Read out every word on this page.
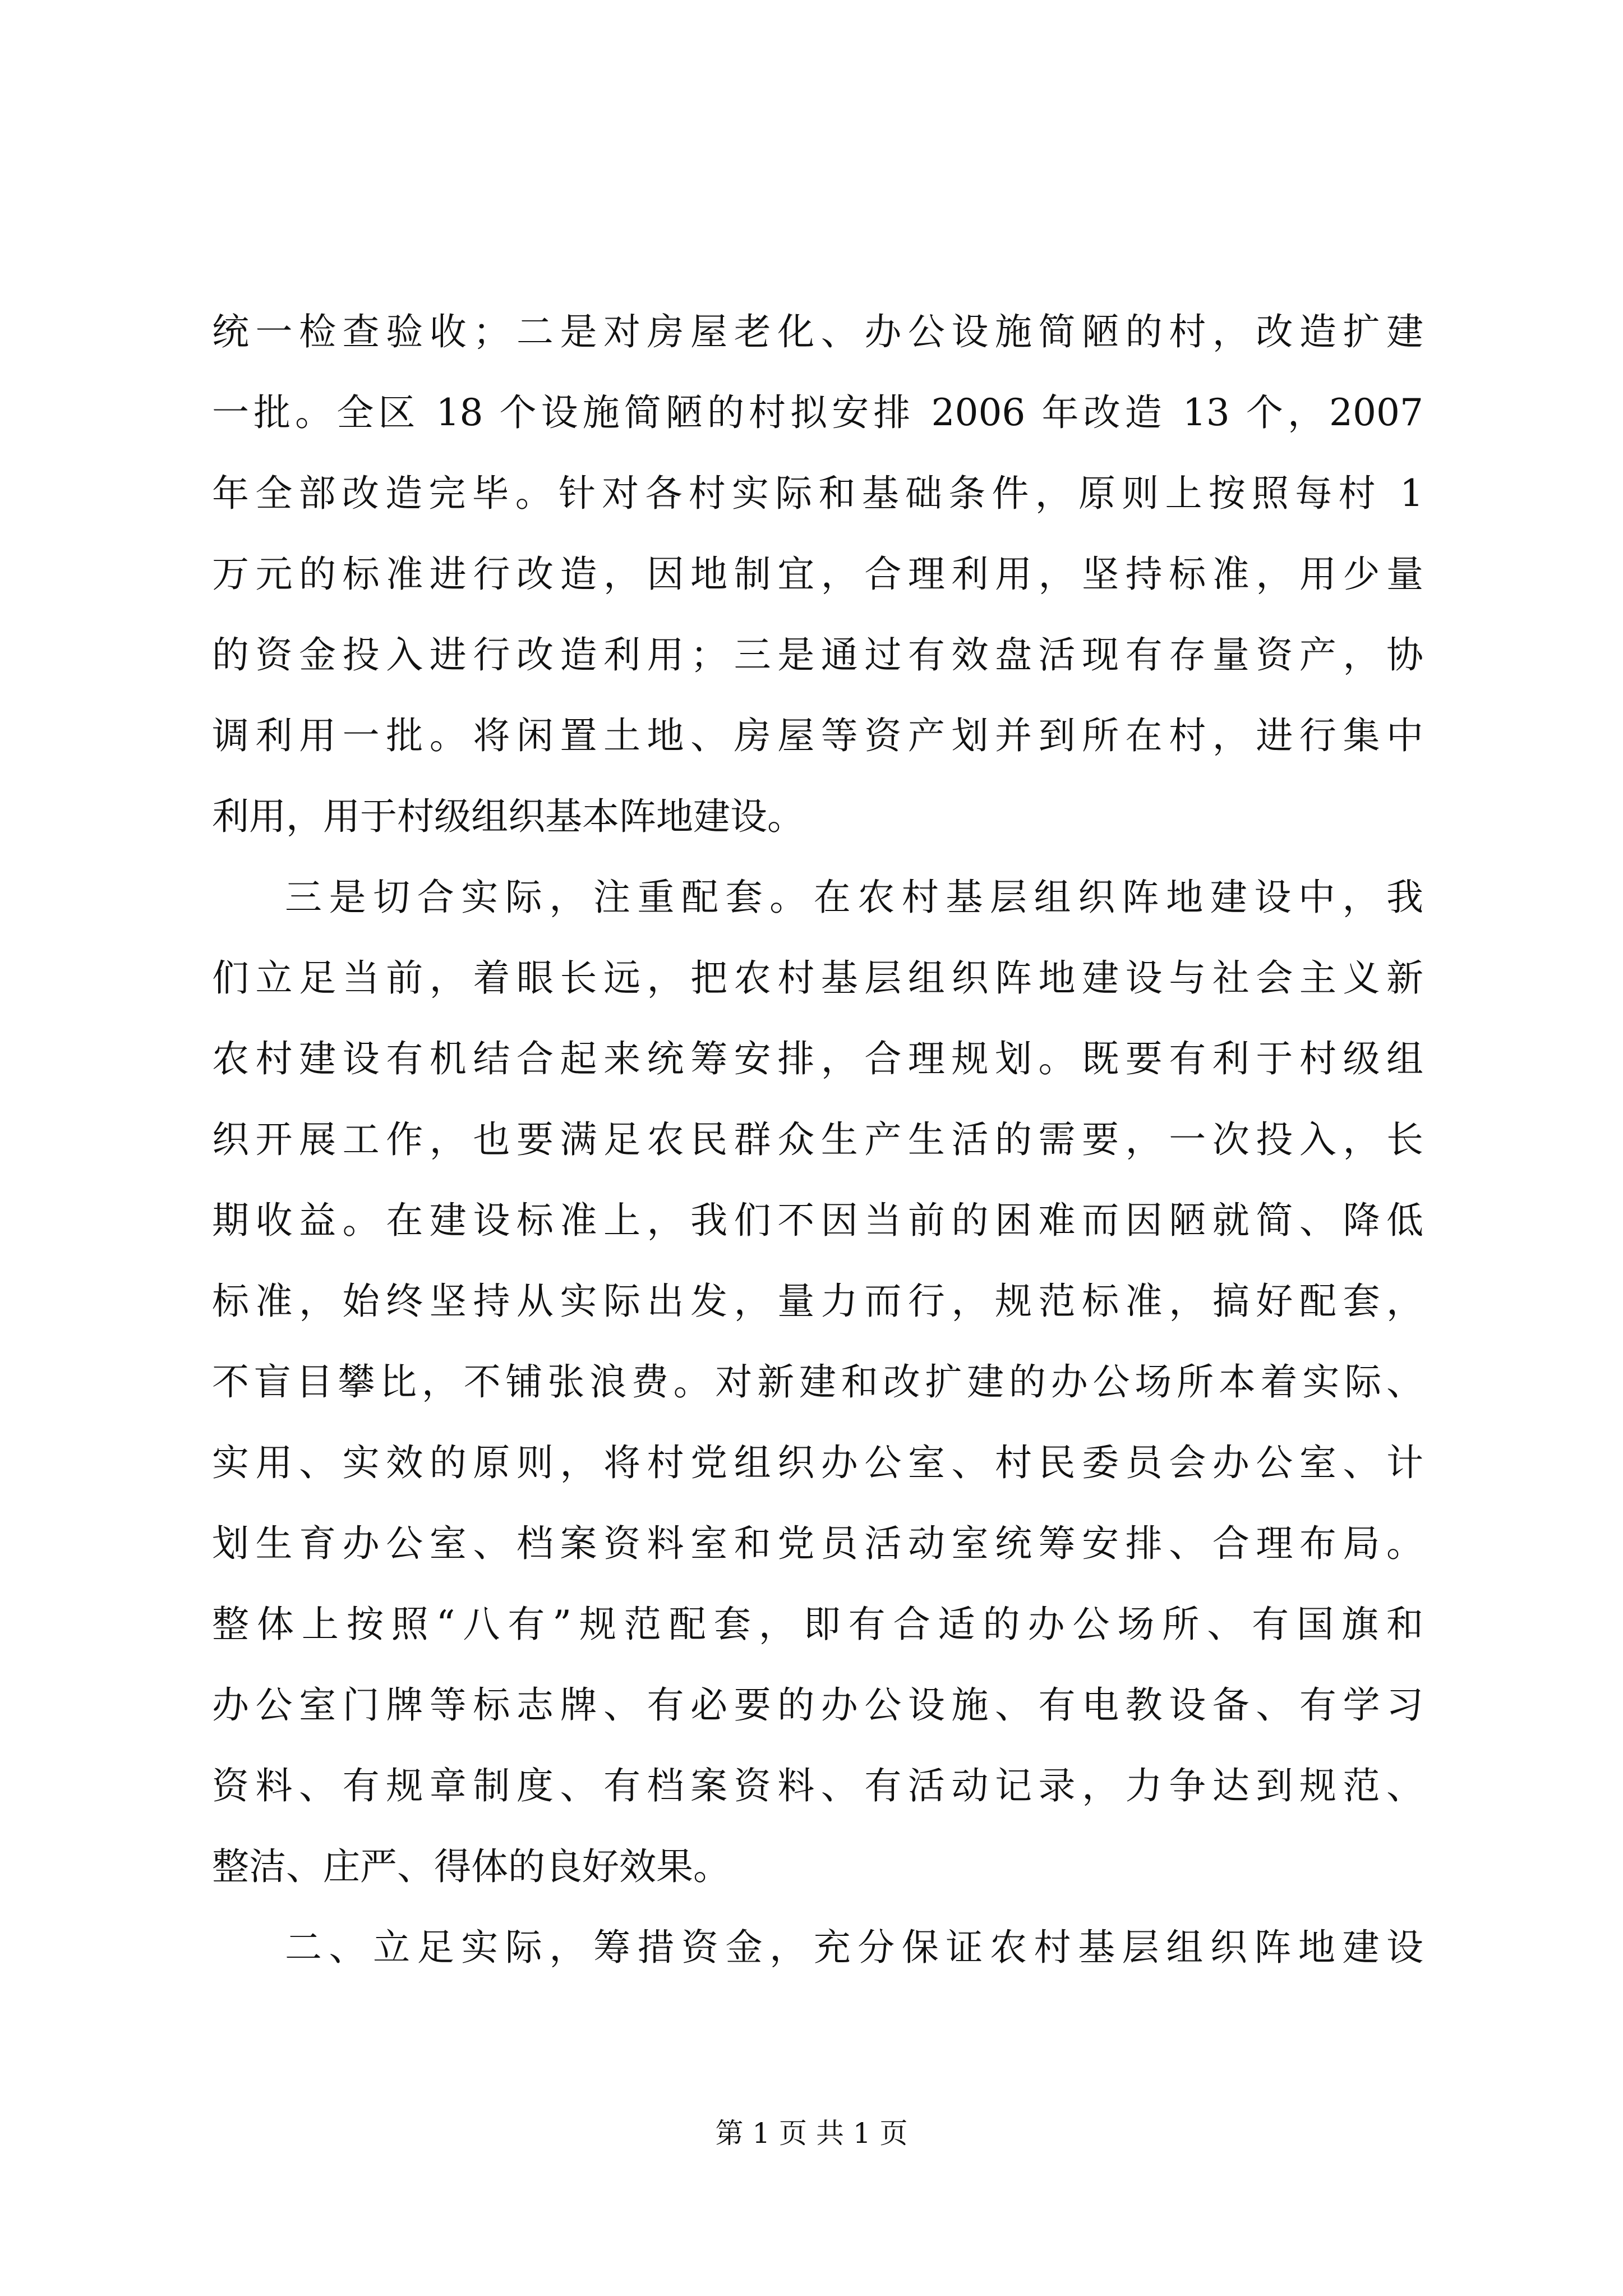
统一检查验收；二是对房屋老化、办公设施简陋的村，改造扩建

一批。全区 18 个设施简陋的村拟安排 2006 年改造 13 个，2007

年全部改造完毕。针对各村实际和基础条件，原则上按照每村 1

万元的标准进行改造，因地制宜，合理利用，坚持标准，用少量

的资金投入进行改造利用；三是通过有效盘活现有存量资产，协

调利用一批。将闲置土地、房屋等资产划并到所在村，进行集中

利用，用于村级组织基本阵地建设。

三是切合实际，注重配套。在农村基层组织阵地建设中，我

们立足当前，着眼长远，把农村基层组织阵地建设与社会主义新

农村建设有机结合起来统筹安排，合理规划。既要有利于村级组

织开展工作，也要满足农民群众生产生活的需要，一次投入，长

期收益。在建设标准上，我们不因当前的困难而因陋就简、降低

标准，始终坚持从实际出发，量力而行，规范标准，搞好配套，

不盲目攀比，不铺张浪费。对新建和改扩建的办公场所本着实际、

实用、实效的原则，将村党组织办公室、村民委员会办公室、计

划生育办公室、档案资料室和党员活动室统筹安排、合理布局。

整体上按照“八有”规范配套，即有合适的办公场所、有国旗和

办公室门牌等标志牌、有必要的办公设施、有电教设备、有学习

资料、有规章制度、有档案资料、有活动记录，力争达到规范、

整洁、庄严、得体的良好效果。

二、立足实际，筹措资金，充分保证农村基层组织阵地建设

第 1 页 共 1 页
